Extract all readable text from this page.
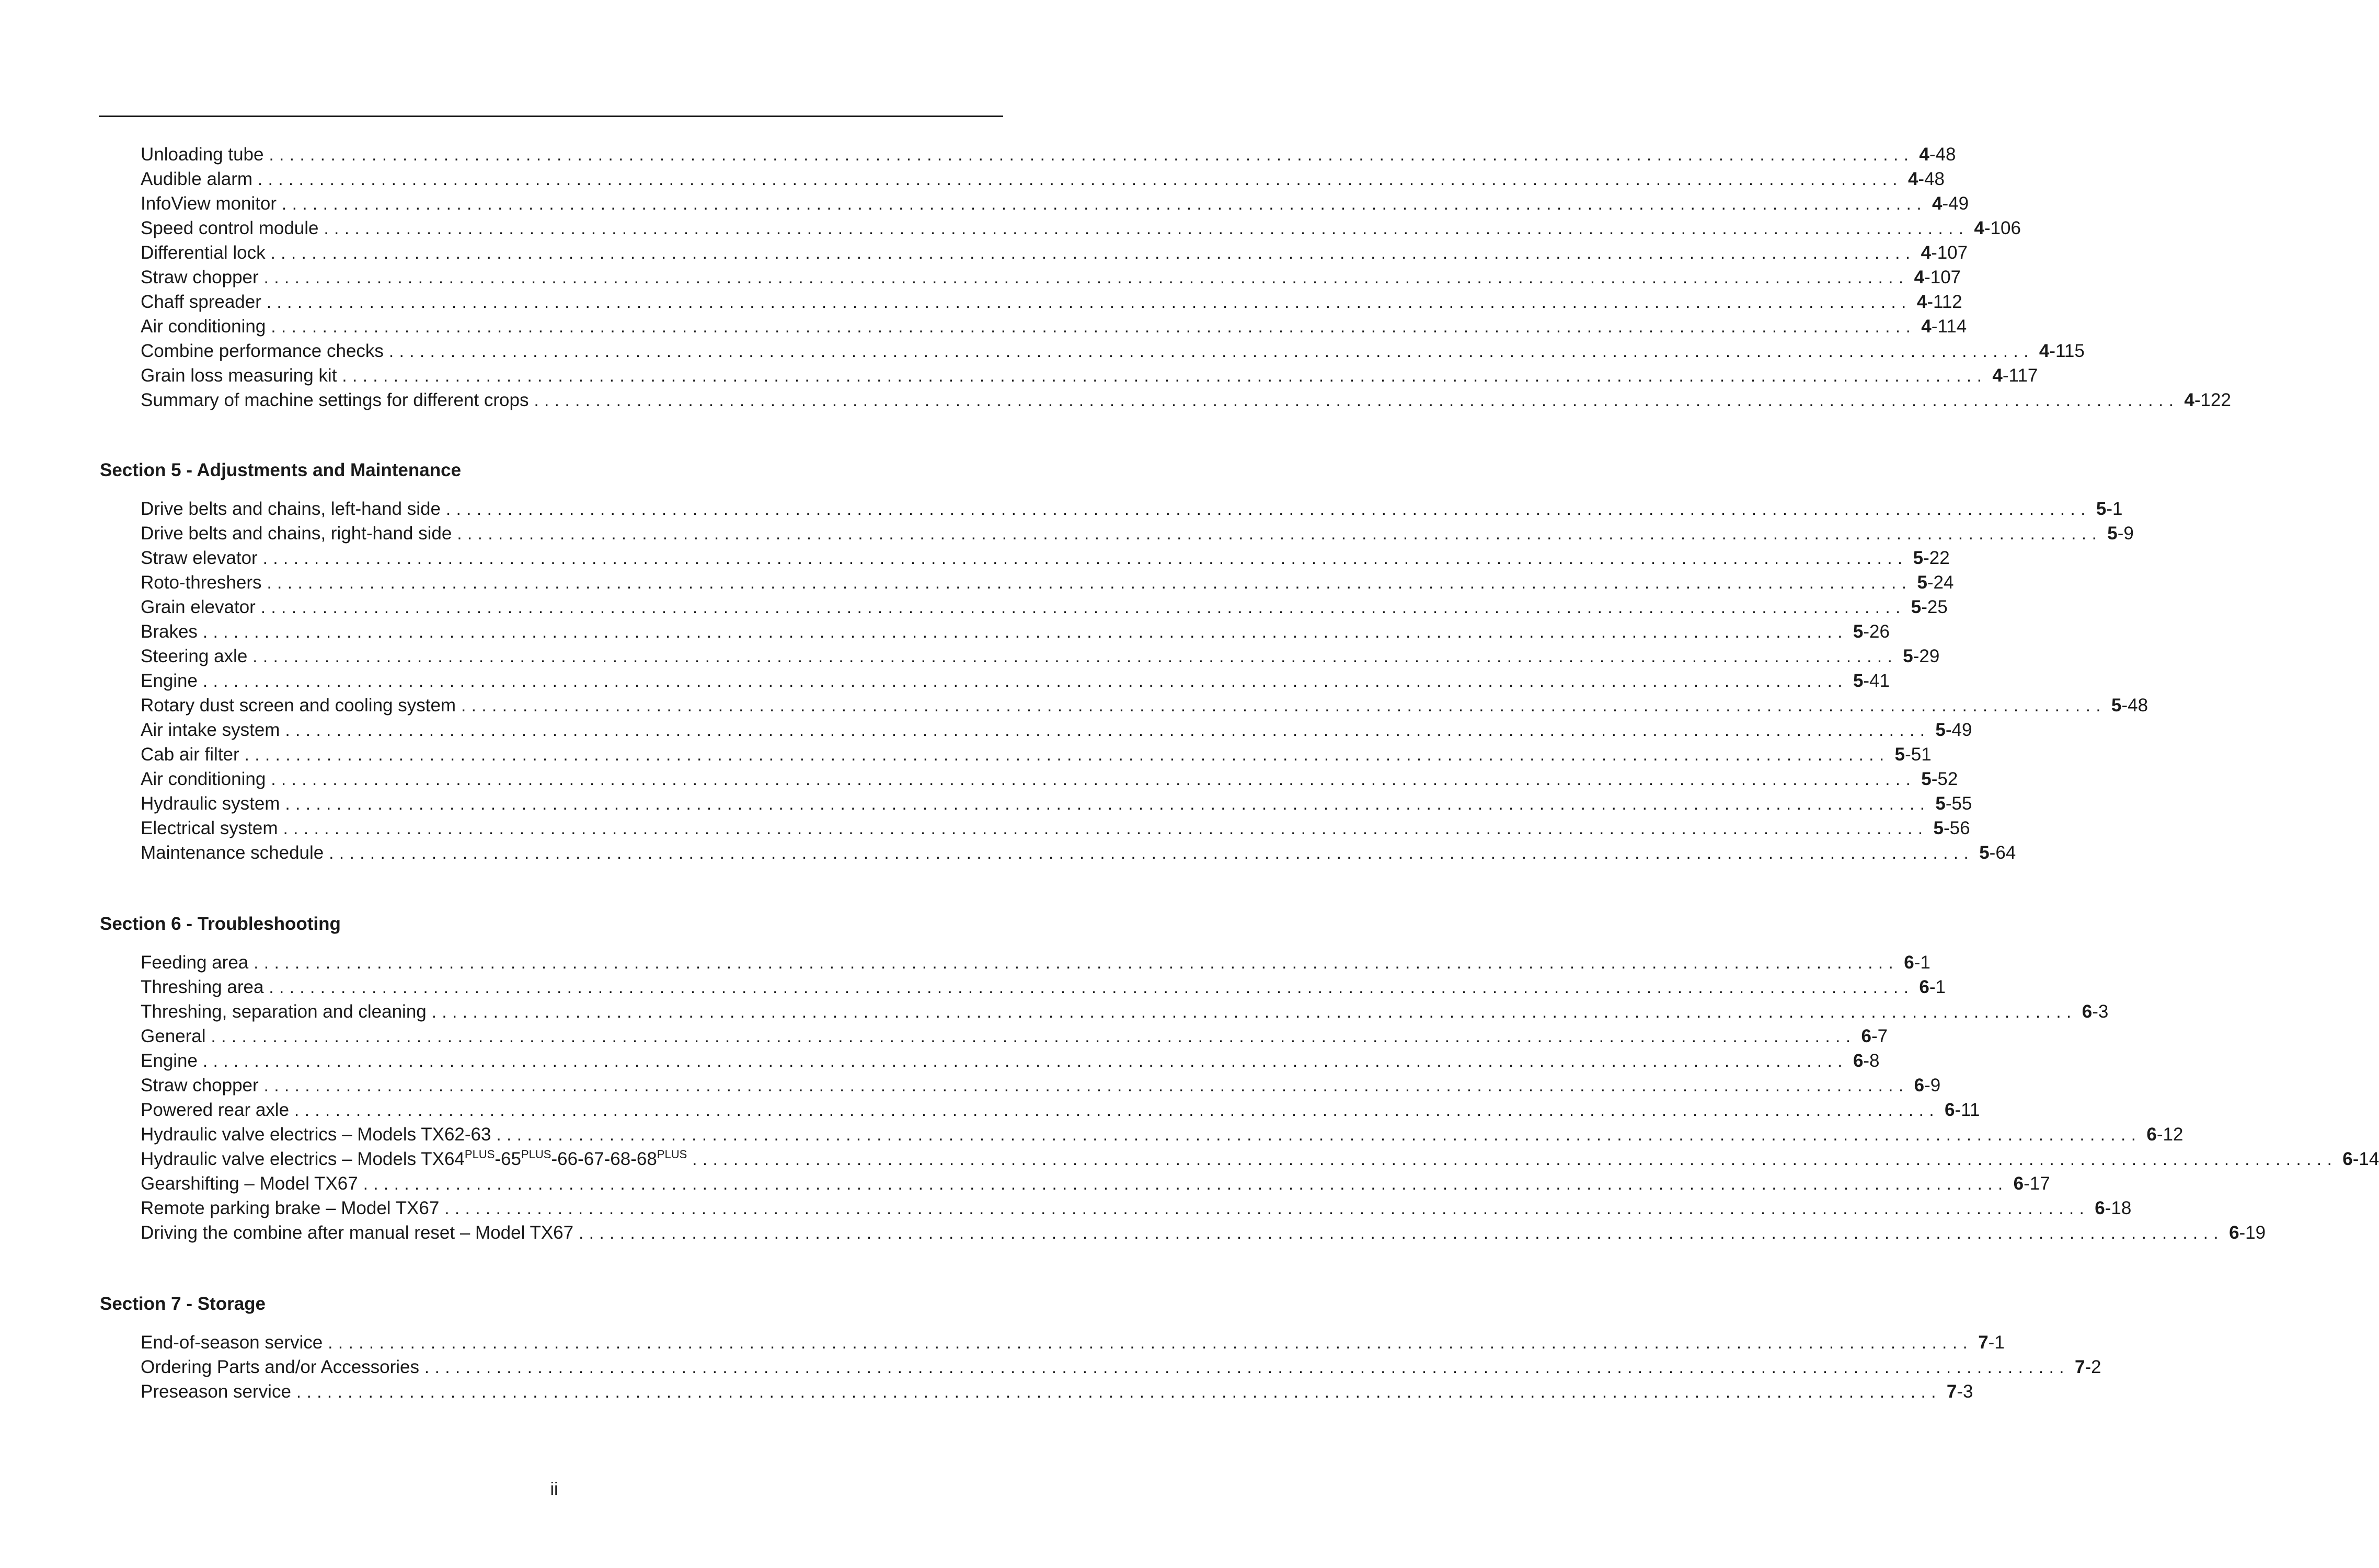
Unloading tube ................................................................................................................................................................ 4-48
Audible alarm ................................................................................................................................................................ 4-48
InfoView monitor ................................................................................................................................................................ 4-49
Speed control module ................................................................................................................................................................ 4-106
Differential lock ................................................................................................................................................................ 4-107
Straw chopper ................................................................................................................................................................ 4-107
Chaff spreader ................................................................................................................................................................ 4-112
Air conditioning ................................................................................................................................................................ 4-114
Combine performance checks ................................................................................................................................................................ 4-115
Grain loss measuring kit ................................................................................................................................................................ 4-117
Summary of machine settings for different crops ................................................................................................................................................................ 4-122
Section 5 - Adjustments and Maintenance
Drive belts and chains, left-hand side ................................................................................................................................................................ 5-1
Drive belts and chains, right-hand side ................................................................................................................................................................ 5-9
Straw elevator ................................................................................................................................................................ 5-22
Roto-threshers ................................................................................................................................................................ 5-24
Grain elevator ................................................................................................................................................................ 5-25
Brakes ................................................................................................................................................................ 5-26
Steering axle ................................................................................................................................................................ 5-29
Engine ................................................................................................................................................................ 5-41
Rotary dust screen and cooling system ................................................................................................................................................................ 5-48
Air intake system ................................................................................................................................................................ 5-49
Cab air filter ................................................................................................................................................................ 5-51
Air conditioning ................................................................................................................................................................ 5-52
Hydraulic system ................................................................................................................................................................ 5-55
Electrical system ................................................................................................................................................................ 5-56
Maintenance schedule ................................................................................................................................................................ 5-64
Section 6 - Troubleshooting
Feeding area ................................................................................................................................................................ 6-1
Threshing area ................................................................................................................................................................ 6-1
Threshing, separation and cleaning ................................................................................................................................................................ 6-3
General ................................................................................................................................................................ 6-7
Engine ................................................................................................................................................................ 6-8
Straw chopper ................................................................................................................................................................ 6-9
Powered rear axle ................................................................................................................................................................ 6-11
Hydraulic valve electrics – Models TX62-63 ................................................................................................................................................................ 6-12
Hydraulic valve electrics – Models $TX64^{PLUS}-65^{PLUS}-66-67-68-68^{PLUS}$ ................................................................................................................................................................ 6-14
Gearshifting – Model TX67 ................................................................................................................................................................ 6-17
Remote parking brake – Model TX67 ................................................................................................................................................................ 6-18
Driving the combine after manual reset – Model TX67 ................................................................................................................................................................ 6-19
Section 7 - Storage
End-of-season service ................................................................................................................................................................ 7-1
Ordering Parts and/or Accessories ................................................................................................................................................................ 7-2
Preseason service ................................................................................................................................................................ 7-3
ii
